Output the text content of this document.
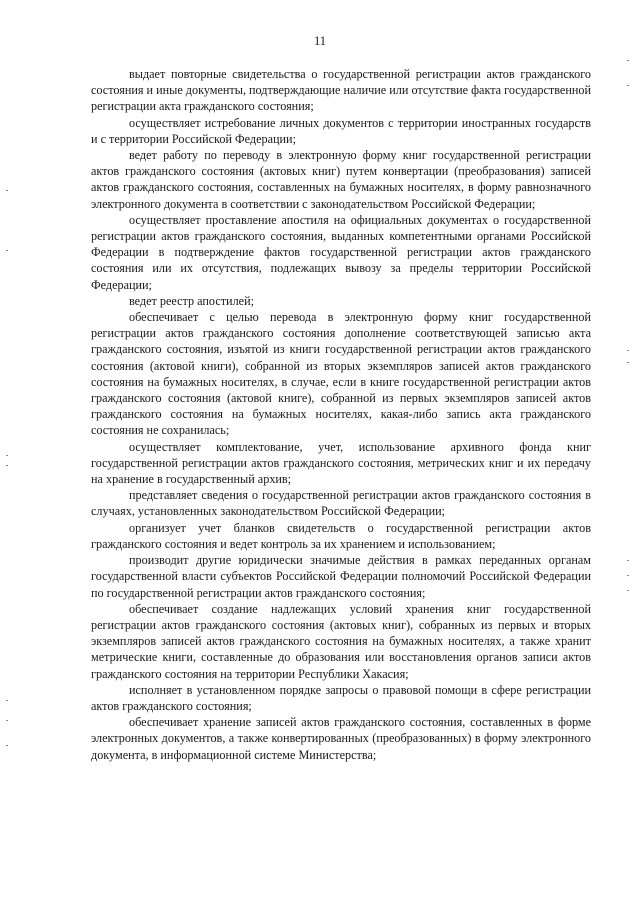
11

выдает повторные свидетельства о государственной регистрации актов гражданского состояния и иные документы, подтверждающие наличие или отсутствие факта государственной регистрации акта гражданского состояния;

осуществляет истребование личных документов с территории иностранных государств и с территории Российской Федерации;

ведет работу по переводу в электронную форму книг государственной регистрации актов гражданского состояния (актовых книг) путем конвертации (преобразования) записей актов гражданского состояния, составленных на бумажных носителях, в форму равнозначного электронного документа в соответствии с законодательством Российской Федерации;

осуществляет проставление апостиля на официальных документах о государственной регистрации актов гражданского состояния, выданных компетентными органами Российской Федерации в подтверждение фактов государственной регистрации актов гражданского состояния или их отсутствия, подлежащих вывозу за пределы территории Российской Федерации;

ведет реестр апостилей;

обеспечивает с целью перевода в электронную форму книг государственной регистрации актов гражданского состояния дополнение соответствующей записью акта гражданского состояния, изъятой из книги государственной регистрации актов гражданского состояния (актовой книги), собранной из вторых экземпляров записей актов гражданского состояния на бумажных носителях, в случае, если в книге государственной регистрации актов гражданского состояния (актовой книге), собранной из первых экземпляров записей актов гражданского состояния на бумажных носителях, какая-либо запись акта гражданского состояния не сохранилась;

осуществляет комплектование, учет, использование архивного фонда книг государственной регистрации актов гражданского состояния, метрических книг и их передачу на хранение в государственный архив;

представляет сведения о государственной регистрации актов гражданского состояния в случаях, установленных законодательством Российской Федерации;

организует учет бланков свидетельств о государственной регистрации актов гражданского состояния и ведет контроль за их хранением и использованием;

производит другие юридически значимые действия в рамках переданных органам государственной власти субъектов Российской Федерации полномочий Российской Федерации по государственной регистрации актов гражданского состояния;

обеспечивает создание надлежащих условий хранения книг государственной регистрации актов гражданского состояния (актовых книг), собранных из первых и вторых экземпляров записей актов гражданского состояния на бумажных носителях, а также хранит метрические книги, составленные до образования или восстановления органов записи актов гражданского состояния на территории Республики Хакасия;

исполняет в установленном порядке запросы о правовой помощи в сфере регистрации актов гражданского состояния;

обеспечивает хранение записей актов гражданского состояния, составленных в форме электронных документов, а также конвертированных (преобразованных) в форму электронного документа, в информационной системе Министерства;
